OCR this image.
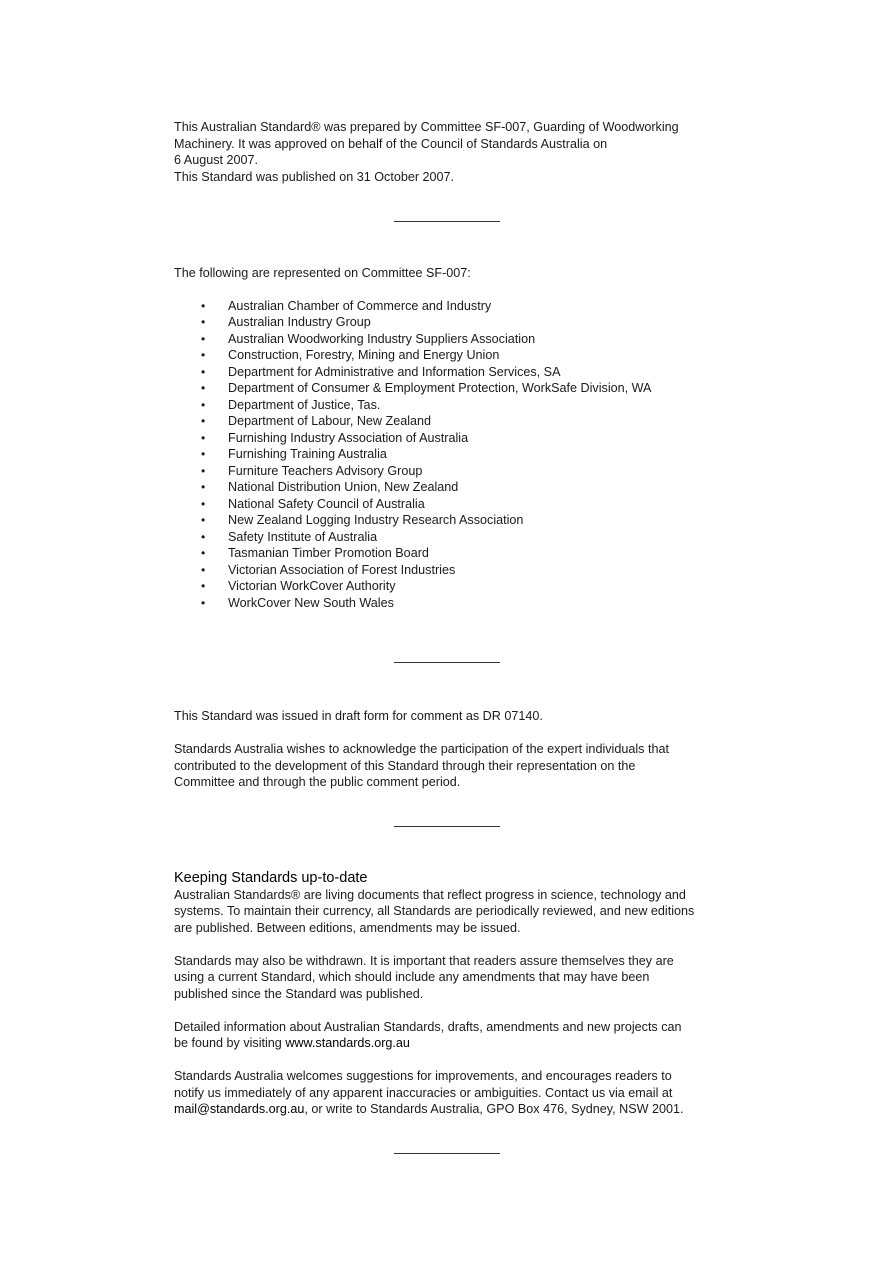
This Australian Standard® was prepared by Committee SF-007, Guarding of Woodworking

Machinery. It was approved on behalf of the Council of Standards Australia on

6 August 2007.

This Standard was published on 31 October 2007.

The following are represented on Committee SF-007:

• Australian Chamber of Commerce and Industry
• Australian Industry Group
• Australian Woodworking Industry Suppliers Association
• Construction, Forestry, Mining and Energy Union
• Department for Administrative and Information Services, SA
• Department of Consumer & Employment Protection, WorkSafe Division, WA
• Department of Justice, Tas.
• Department of Labour, New Zealand
• Furnishing Industry Association of Australia
• Furnishing Training Australia
• Furniture Teachers Advisory Group
• National Distribution Union, New Zealand
• National Safety Council of Australia
• New Zealand Logging Industry Research Association
• Safety Institute of Australia
• Tasmanian Timber Promotion Board
• Victorian Association of Forest Industries
• Victorian WorkCover Authority
• WorkCover New South Wales

This Standard was issued in draft form for comment as DR 07140.

Standards Australia wishes to acknowledge the participation of the expert individuals that

contributed to the development of this Standard through their representation on the

Committee and through the public comment period.

Keeping Standards up-to-date

Australian Standards® are living documents that reflect progress in science, technology and

systems. To maintain their currency, all Standards are periodically reviewed, and new editions

are published. Between editions, amendments may be issued.

Standards may also be withdrawn. It is important that readers assure themselves they are

using a current Standard, which should include any amendments that may have been

published since the Standard was published.

Detailed information about Australian Standards, drafts, amendments and new projects can

be found by visiting www.standards.org.au

Standards Australia welcomes suggestions for improvements, and encourages readers to

notify us immediately of any apparent inaccuracies or ambiguities. Contact us via email at

mail@standards.org.au, or write to Standards Australia, GPO Box 476, Sydney, NSW 2001.
